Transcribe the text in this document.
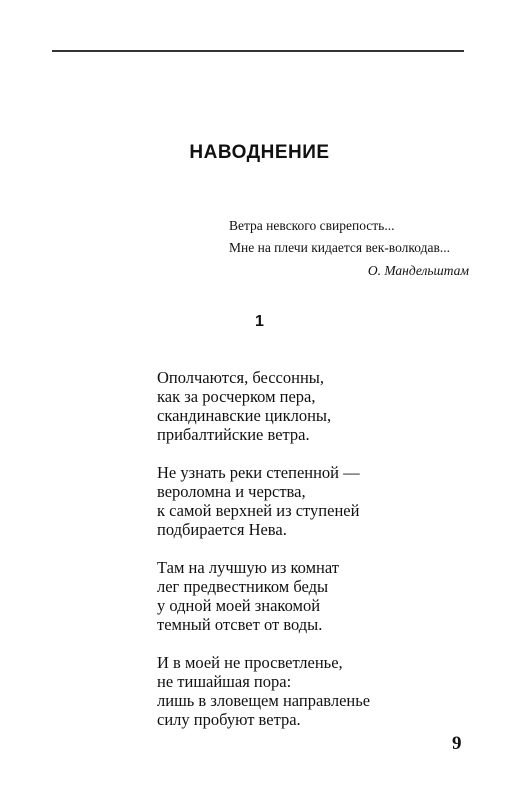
НАВОДНЕНИЕ
Ветра невского свирепость...
Мне на плечи кидается век-волкодав...
О. Мандельштам
1
Ополчаются, бессонны,
как за росчерком пера,
скандинавские циклоны,
прибалтийские ветра.
Не узнать реки степенной —
вероломна и черства,
к самой верхней из ступеней
подбирается Нева.
Там на лучшую из комнат
лег предвестником беды
у одной моей знакомой
темный отсвет от воды.
И в моей не просветленье,
не тишайшая пора:
лишь в зловещем направленье
силу пробуют ветра.
9
